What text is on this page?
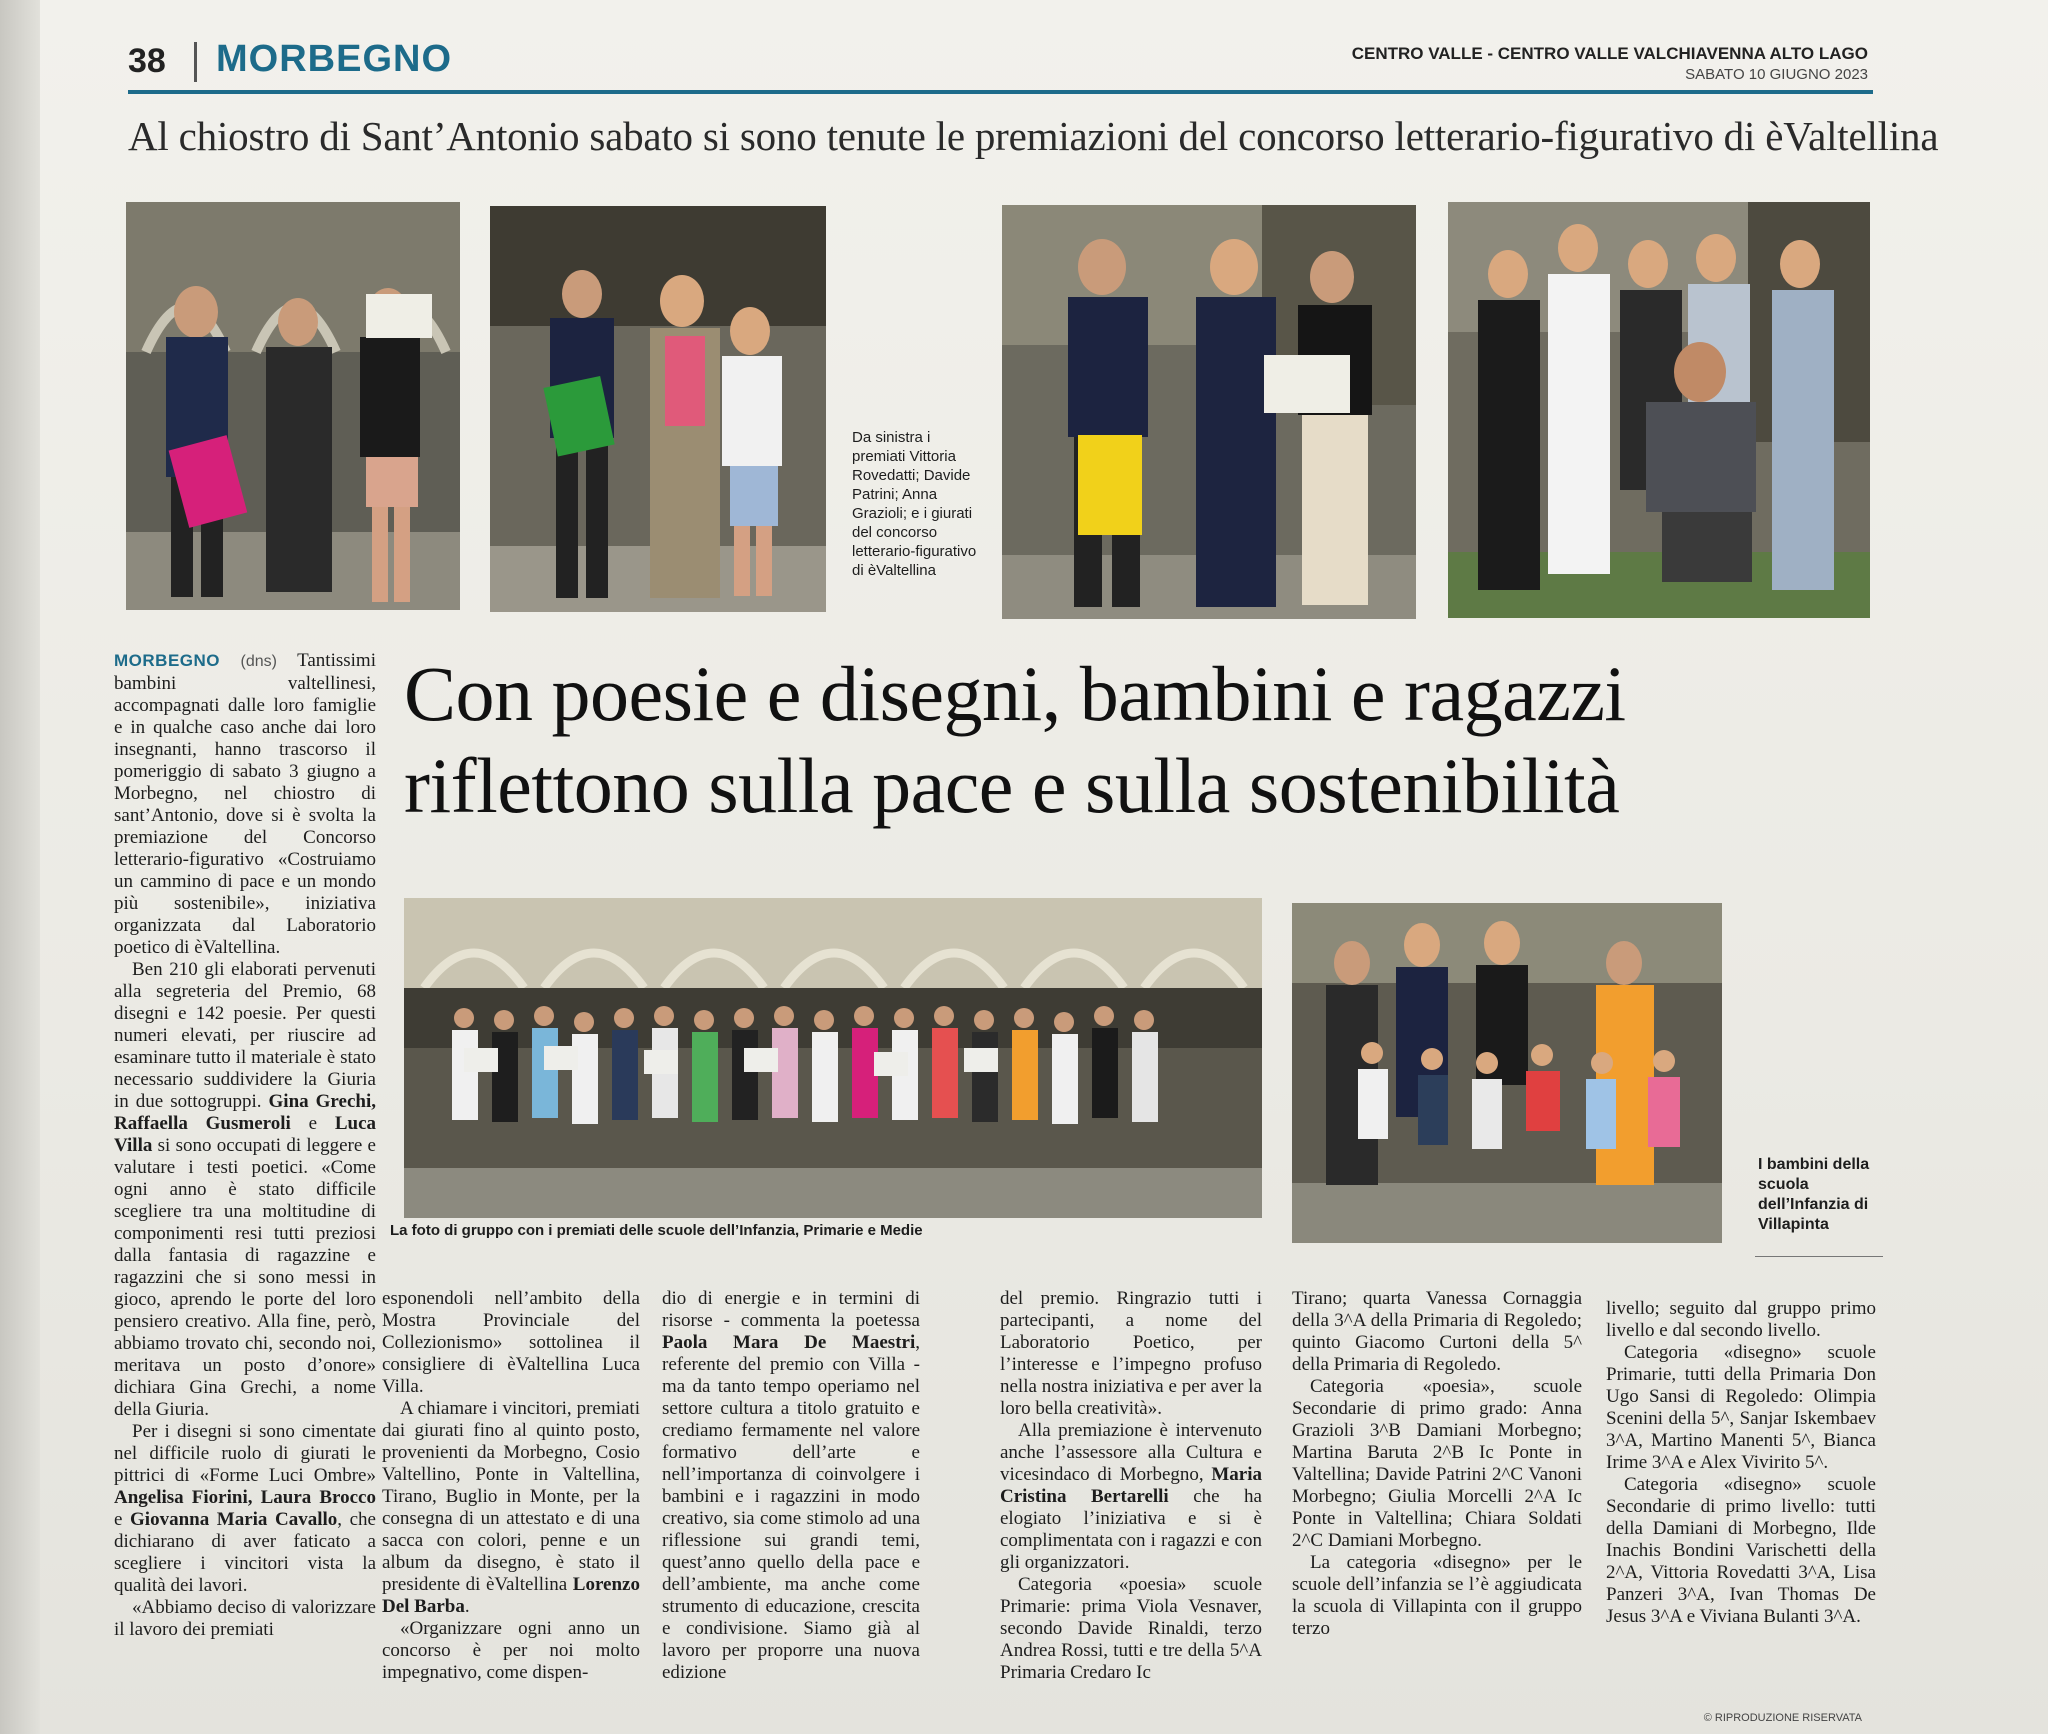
38 MORBEGNO	CENTRO VALLE - CENTRO VALLE VALCHIAVENNA ALTO LAGO
SABATO 10 GIUGNO 2023
Al chiostro di Sant’Antonio sabato si sono tenute le premiazioni del concorso letterario-figurativo di èValtellina
Da sinistra i premiati Vittoria Rovedatti; Davide Patrini; Anna Grazioli; e i giurati del concorso letterario-figurativo di èValtellina
Con poesie e disegni, bambini e ragazzi
riflettono sulla pace e sulla sostenibilità

MORBEGNO (dns) Tantissimi bambini valtellinesi, accompagnati dalle loro famiglie e in qualche caso anche dai loro insegnanti, hanno trascorso il pomeriggio di sabato 3 giugno a Morbegno, nel chiostro di sant’Antonio, dove si è svolta la premiazione del Concorso letterario-figurativo «Costruiamo un cammino di pace e un mondo più sostenibile», iniziativa organizzata dal Laboratorio poetico di èValtellina.

Ben 210 gli elaborati pervenuti alla segreteria del Premio, 68 disegni e 142 poesie. Per questi numeri elevati, per riuscire ad esaminare tutto il materiale è stato necessario suddividere la Giuria in due sottogruppi. Gina Grechi, Raffaella Gusmeroli e Luca Villa si sono occupati di leggere e valutare i testi poetici. «Come ogni anno è stato difficile scegliere tra una moltitudine di componimenti resi tutti preziosi dalla fantasia di ragazzine e ragazzini che si sono messi in gioco, aprendo le porte del loro pensiero creativo. Alla fine, però, abbiamo trovato chi, secondo noi, meritava un posto d’onore» dichiara Gina Grechi, a nome della Giuria.

Per i disegni si sono cimentate nel difficile ruolo di giurati le pittrici di «Forme Luci Ombre» Angelisa Fiorini, Laura Brocco e Giovanna Maria Cavallo, che dichiarano di aver faticato a scegliere i vincitori vista la qualità dei lavori.

«Abbiamo deciso di valorizzare il lavoro dei premiati

La foto di gruppo con i premiati delle scuole dell’Infanzia, Primarie e Medie
I bambini della scuola dell’Infanzia di Villapinta

esponendoli nell’ambito della Mostra Provinciale del Collezionismo» sottolinea il consigliere di èValtellina Luca Villa.

A chiamare i vincitori, premiati dai giurati fino al quinto posto, provenienti da Morbegno, Cosio Valtellino, Ponte in Valtellina, Tirano, Buglio in Monte, per la consegna di un attestato e di una sacca con colori, penne e un album da disegno, è stato il presidente di èValtellina Lorenzo Del Barba.

«Organizzare ogni anno un concorso è per noi molto impegnativo, come dispen-

dio di energie e in termini di risorse - commenta la poetessa Paola Mara De Maestri, referente del premio con Villa - ma da tanto tempo operiamo nel settore cultura a titolo gratuito e crediamo fermamente nel valore formativo dell’arte e nell’importanza di coinvolgere i bambini e i ragazzini in modo creativo, sia come stimolo ad una riflessione sui grandi temi, quest’anno quello della pace e dell’ambiente, ma anche come strumento di educazione, crescita e condivisione. Siamo già al lavoro per proporre una nuova edizione

del premio. Ringrazio tutti i partecipanti, a nome del Laboratorio Poetico, per l’interesse e l’impegno profuso nella nostra iniziativa e per aver la loro bella creatività».

Alla premiazione è intervenuto anche l’assessore alla Cultura e vicesindaco di Morbegno, Maria Cristina Bertarelli che ha elogiato l’iniziativa e si è complimentata con i ragazzi e con gli organizzatori.

Categoria «poesia» scuole Primarie: prima Viola Vesnaver, secondo Davide Rinaldi, terzo Andrea Rossi, tutti e tre della 5^A Primaria Credaro Ic

Tirano; quarta Vanessa Cornaggia della 3^A della Primaria di Regoledo; quinto Giacomo Curtoni della 5^ della Primaria di Regoledo.

Categoria «poesia», scuole Secondarie di primo grado: Anna Grazioli 3^B Damiani Morbegno; Martina Baruta 2^B Ic Ponte in Valtellina; Davide Patrini 2^C Vanoni Morbegno; Giulia Morcelli 2^A Ic Ponte in Valtellina; Chiara Soldati 2^C Damiani Morbegno.

La categoria «disegno» per le scuole dell’infanzia se l’è aggiudicata la scuola di Villapinta con il gruppo terzo

livello; seguito dal gruppo primo livello e dal secondo livello.

Categoria «disegno» scuole Primarie, tutti della Primaria Don Ugo Sansi di Regoledo: Olimpia Scenini della 5^, Sanjar Iskembaev 3^A, Martino Manenti 5^, Bianca Irime 3^A e Alex Vivirito 5^.

Categoria «disegno» scuole Secondarie di primo livello: tutti della Damiani di Morbegno, Ilde Inachis Bondini Varischetti della 2^A, Vittoria Rovedatti 3^A, Lisa Panzeri 3^A, Ivan Thomas De Jesus 3^A e Viviana Bulanti 3^A.

© RIPRODUZIONE RISERVATA
